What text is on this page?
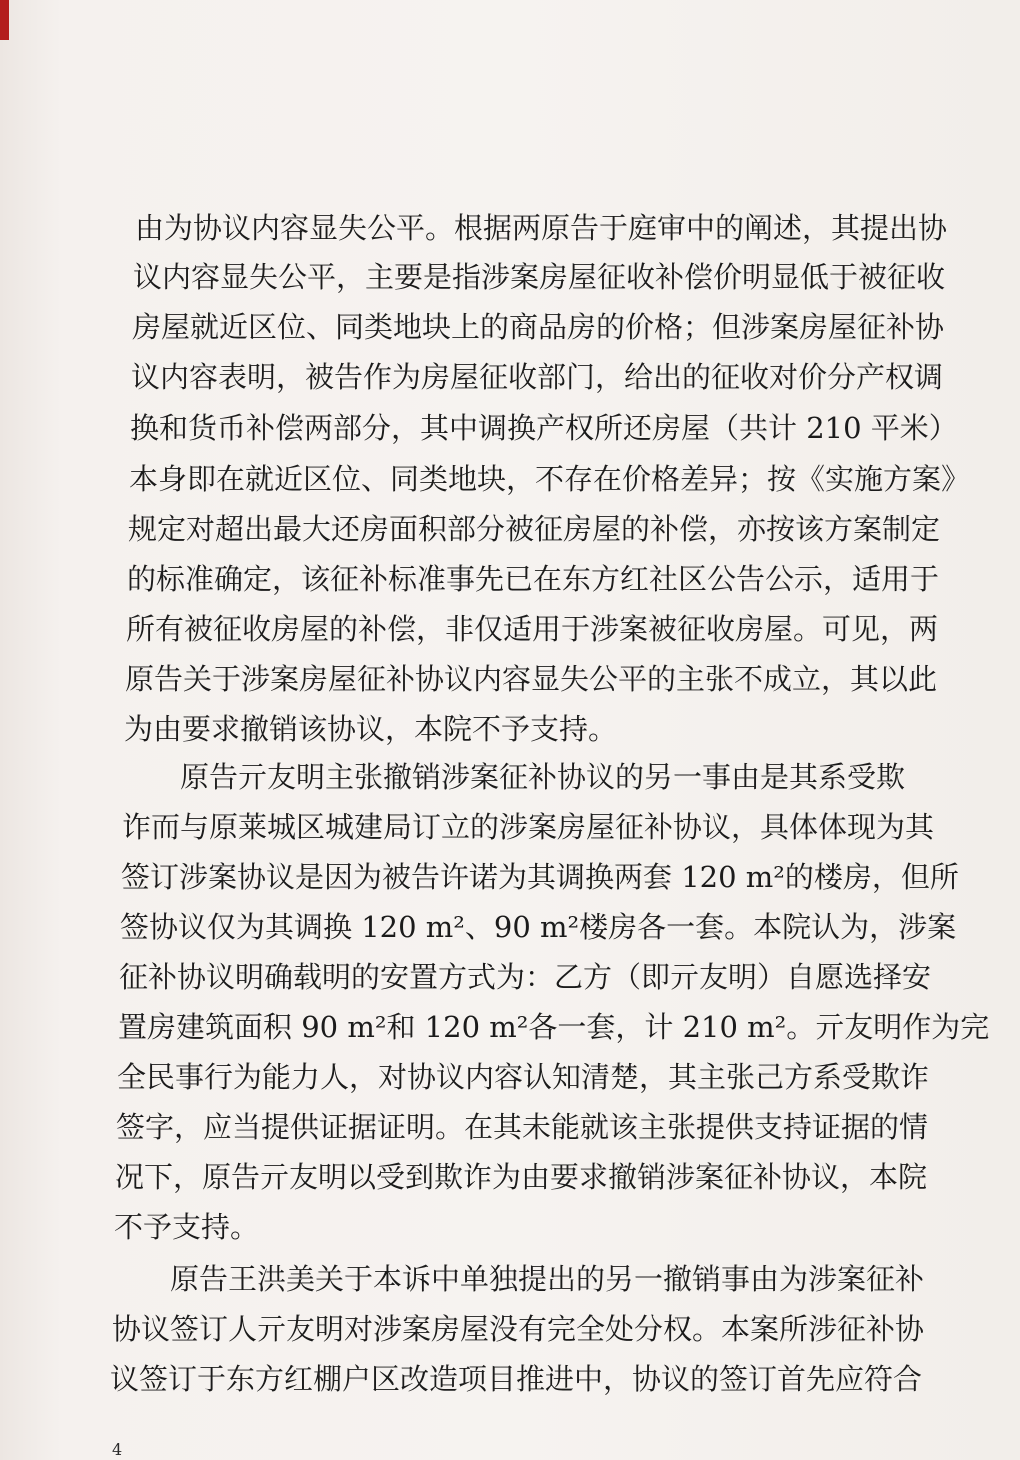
由为协议内容显失公平。根据两原告于庭审中的阐述，其提出协
议内容显失公平，主要是指涉案房屋征收补偿价明显低于被征收
房屋就近区位、同类地块上的商品房的价格；但涉案房屋征补协
议内容表明，被告作为房屋征收部门，给出的征收对价分产权调
换和货币补偿两部分，其中调换产权所还房屋（共计 210 平米）
本身即在就近区位、同类地块，不存在价格差异；按《实施方案》
规定对超出最大还房面积部分被征房屋的补偿，亦按该方案制定
的标准确定，该征补标准事先已在东方红社区公告公示，适用于
所有被征收房屋的补偿，非仅适用于涉案被征收房屋。可见，两
原告关于涉案房屋征补协议内容显失公平的主张不成立，其以此
为由要求撤销该协议，本院不予支持。
原告亓友明主张撤销涉案征补协议的另一事由是其系受欺
诈而与原莱城区城建局订立的涉案房屋征补协议，具体体现为其
签订涉案协议是因为被告许诺为其调换两套 120 m²的楼房，但所
签协议仅为其调换 120 m²、90 m²楼房各一套。本院认为，涉案
征补协议明确载明的安置方式为：乙方（即亓友明）自愿选择安
置房建筑面积 90 m²和 120 m²各一套，计 210 m²。亓友明作为完
全民事行为能力人，对协议内容认知清楚，其主张己方系受欺诈
签字，应当提供证据证明。在其未能就该主张提供支持证据的情
况下，原告亓友明以受到欺诈为由要求撤销涉案征补协议，本院
不予支持。
原告王洪美关于本诉中单独提出的另一撤销事由为涉案征补
协议签订人亓友明对涉案房屋没有完全处分权。本案所涉征补协
议签订于东方红棚户区改造项目推进中，协议的签订首先应符合
4
